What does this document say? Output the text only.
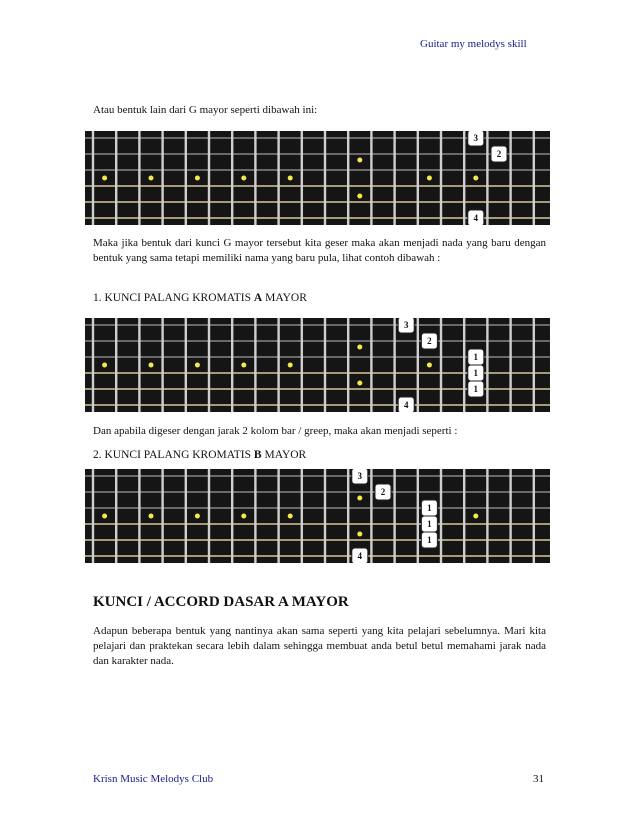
Guitar my melodys skill
Atau bentuk lain dari G mayor seperti dibawah ini:
3
2
4
Maka jika bentuk dari kunci G mayor tersebut kita geser maka akan menjadi nada yang baru dengan bentuk yang sama tetapi memiliki nama yang baru pula, lihat contoh dibawah :
1. KUNCI PALANG KROMATIS A MAYOR
3
2
1
1
1
4
Dan apabila digeser dengan jarak 2 kolom bar / greep, maka akan menjadi seperti :
2. KUNCI PALANG KROMATIS B MAYOR
3
2
1
1
1
4
KUNCI / ACCORD DASAR A MAYOR
Adapun beberapa bentuk yang nantinya akan sama seperti yang kita pelajari sebelumnya. Mari kita pelajari dan praktekan secara lebih dalam sehingga membuat anda betul betul memahami jarak nada dan karakter nada.
Krisn Music Melodys Club	31
